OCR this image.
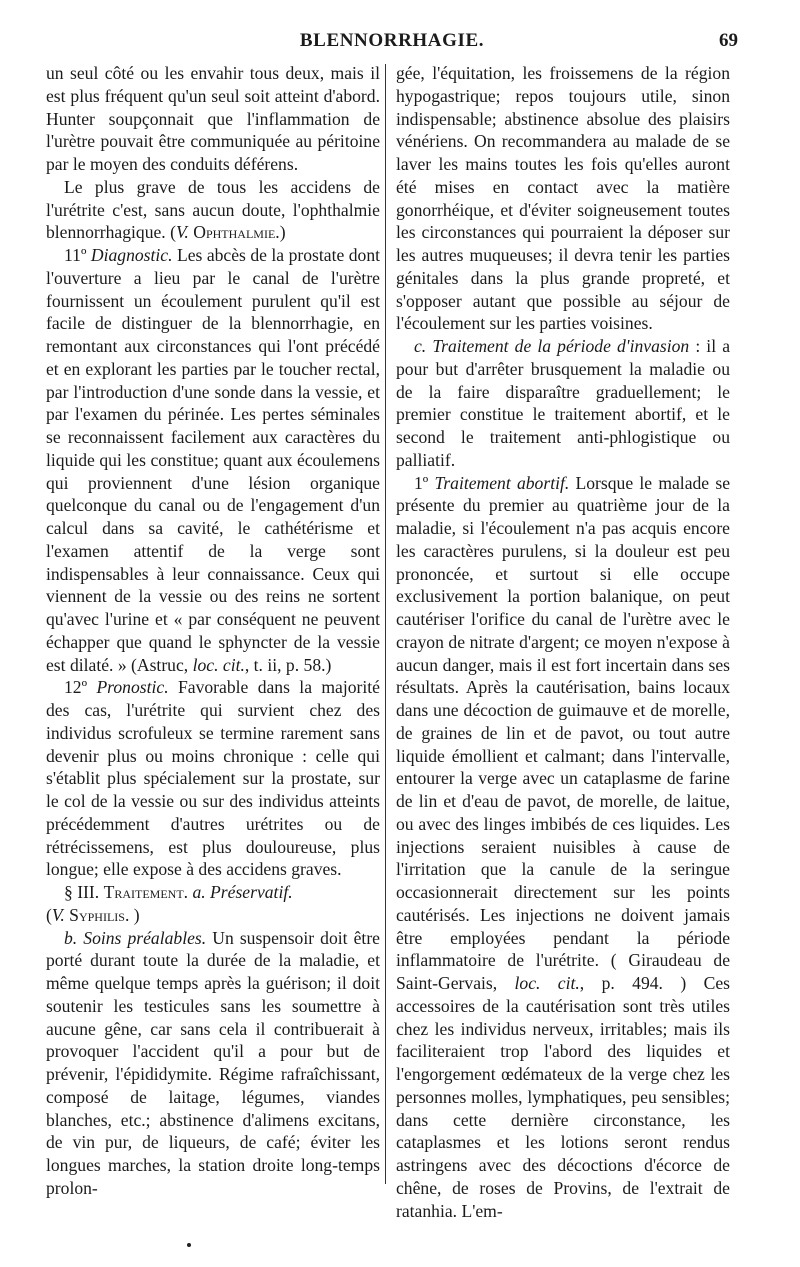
BLENNORRHAGIE.	69

un seul côté ou les envahir tous deux, mais il est plus fréquent qu'un seul soit atteint d'abord. Hunter soupçonnait que l'inflammation de l'urètre pouvait être communiquée au péritoine par le moyen des conduits déférens.

Le plus grave de tous les accidens de l'urétrite c'est, sans aucun doute, l'ophthalmie blennorrhagique. (V. Ophthalmie.)

11º Diagnostic. Les abcès de la prostate dont l'ouverture a lieu par le canal de l'urètre fournissent un écoulement purulent qu'il est facile de distinguer de la blennorrhagie, en remontant aux circonstances qui l'ont précédé et en explorant les parties par le toucher rectal, par l'introduction d'une sonde dans la vessie, et par l'examen du périnée. Les pertes séminales se reconnaissent facilement aux caractères du liquide qui les constitue; quant aux écoulemens qui proviennent d'une lésion organique quelconque du canal ou de l'engagement d'un calcul dans sa cavité, le cathétérisme et l'examen attentif de la verge sont indispensables à leur connaissance. Ceux qui viennent de la vessie ou des reins ne sortent qu'avec l'urine et « par conséquent ne peuvent échapper que quand le sphyncter de la vessie est dilaté. » (Astruc, loc. cit., t. ii, p. 58.)

12º Pronostic. Favorable dans la majorité des cas, l'urétrite qui survient chez des individus scrofuleux se termine rarement sans devenir plus ou moins chronique : celle qui s'établit plus spécialement sur la prostate, sur le col de la vessie ou sur des individus atteints précédemment d'autres urétrites ou de rétrécissemens, est plus douloureuse, plus longue; elle expose à des accidens graves.

§ III. Traitement. a. Préservatif.
(V. Syphilis. )

b. Soins préalables. Un suspensoir doit être porté durant toute la durée de la maladie, et même quelque temps après la guérison; il doit soutenir les testicules sans les soumettre à aucune gêne, car sans cela il contribuerait à provoquer l'accident qu'il a pour but de prévenir, l'épididymite. Régime rafraîchissant, composé de laitage, légumes, viandes blanches, etc.; abstinence d'alimens excitans, de vin pur, de liqueurs, de café; éviter les longues marches, la station droite long-temps prolon-

gée, l'équitation, les froissemens de la région hypogastrique; repos toujours utile, sinon indispensable; abstinence absolue des plaisirs vénériens. On recommandera au malade de se laver les mains toutes les fois qu'elles auront été mises en contact avec la matière gonorrhéique, et d'éviter soigneusement toutes les circonstances qui pourraient la déposer sur les autres muqueuses; il devra tenir les parties génitales dans la plus grande propreté, et s'opposer autant que possible au séjour de l'écoulement sur les parties voisines.

c. Traitement de la période d'invasion : il a pour but d'arrêter brusquement la maladie ou de la faire disparaître graduellement; le premier constitue le traitement abortif, et le second le traitement anti-phlogistique ou palliatif.

1º Traitement abortif. Lorsque le malade se présente du premier au quatrième jour de la maladie, si l'écoulement n'a pas acquis encore les caractères purulens, si la douleur est peu prononcée, et surtout si elle occupe exclusivement la portion balanique, on peut cautériser l'orifice du canal de l'urètre avec le crayon de nitrate d'argent; ce moyen n'expose à aucun danger, mais il est fort incertain dans ses résultats. Après la cautérisation, bains locaux dans une décoction de guimauve et de morelle, de graines de lin et de pavot, ou tout autre liquide émollient et calmant; dans l'intervalle, entourer la verge avec un cataplasme de farine de lin et d'eau de pavot, de morelle, de laitue, ou avec des linges imbibés de ces liquides. Les injections seraient nuisibles à cause de l'irritation que la canule de la seringue occasionnerait directement sur les points cautérisés. Les injections ne doivent jamais être employées pendant la période inflammatoire de l'urétrite. ( Giraudeau de Saint-Gervais, loc. cit., p. 494. ) Ces accessoires de la cautérisation sont très utiles chez les individus nerveux, irritables; mais ils faciliteraient trop l'abord des liquides et l'engorgement œdémateux de la verge chez les personnes molles, lymphatiques, peu sensibles; dans cette dernière circonstance, les cataplasmes et les lotions seront rendus astringens avec des décoctions d'écorce de chêne, de roses de Provins, de l'extrait de ratanhia. L'em-
